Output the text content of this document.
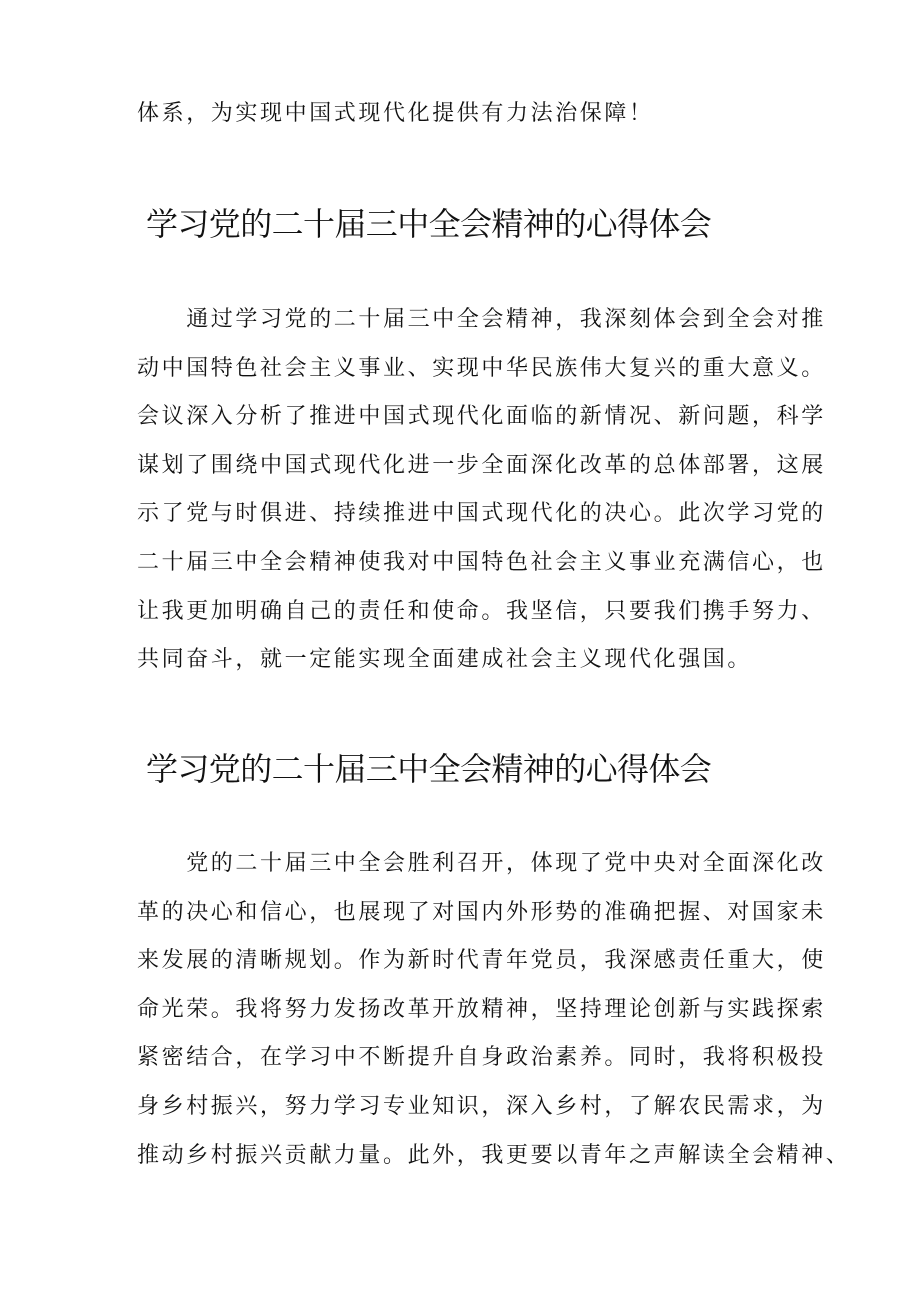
体系，为实现中国式现代化提供有力法治保障！

学习党的二十届三中全会精神的心得体会
　　通过学习党的二十届三中全会精神，我深刻体会到全会对推
动中国特色社会主义事业、实现中华民族伟大复兴的重大意义。
会议深入分析了推进中国式现代化面临的新情况、新问题，科学
谋划了围绕中国式现代化进一步全面深化改革的总体部署，这展
示了党与时俱进、持续推进中国式现代化的决心。此次学习党的
二十届三中全会精神使我对中国特色社会主义事业充满信心，也
让我更加明确自己的责任和使命。我坚信，只要我们携手努力、
共同奋斗，就一定能实现全面建成社会主义现代化强国。
学习党的二十届三中全会精神的心得体会
　　党的二十届三中全会胜利召开，体现了党中央对全面深化改
革的决心和信心，也展现了对国内外形势的准确把握、对国家未
来发展的清晰规划。作为新时代青年党员，我深感责任重大，使
命光荣。我将努力发扬改革开放精神，坚持理论创新与实践探索
紧密结合，在学习中不断提升自身政治素养。同时，我将积极投
身乡村振兴，努力学习专业知识，深入乡村，了解农民需求，为
推动乡村振兴贡献力量。此外，我更要以青年之声解读全会精神、
